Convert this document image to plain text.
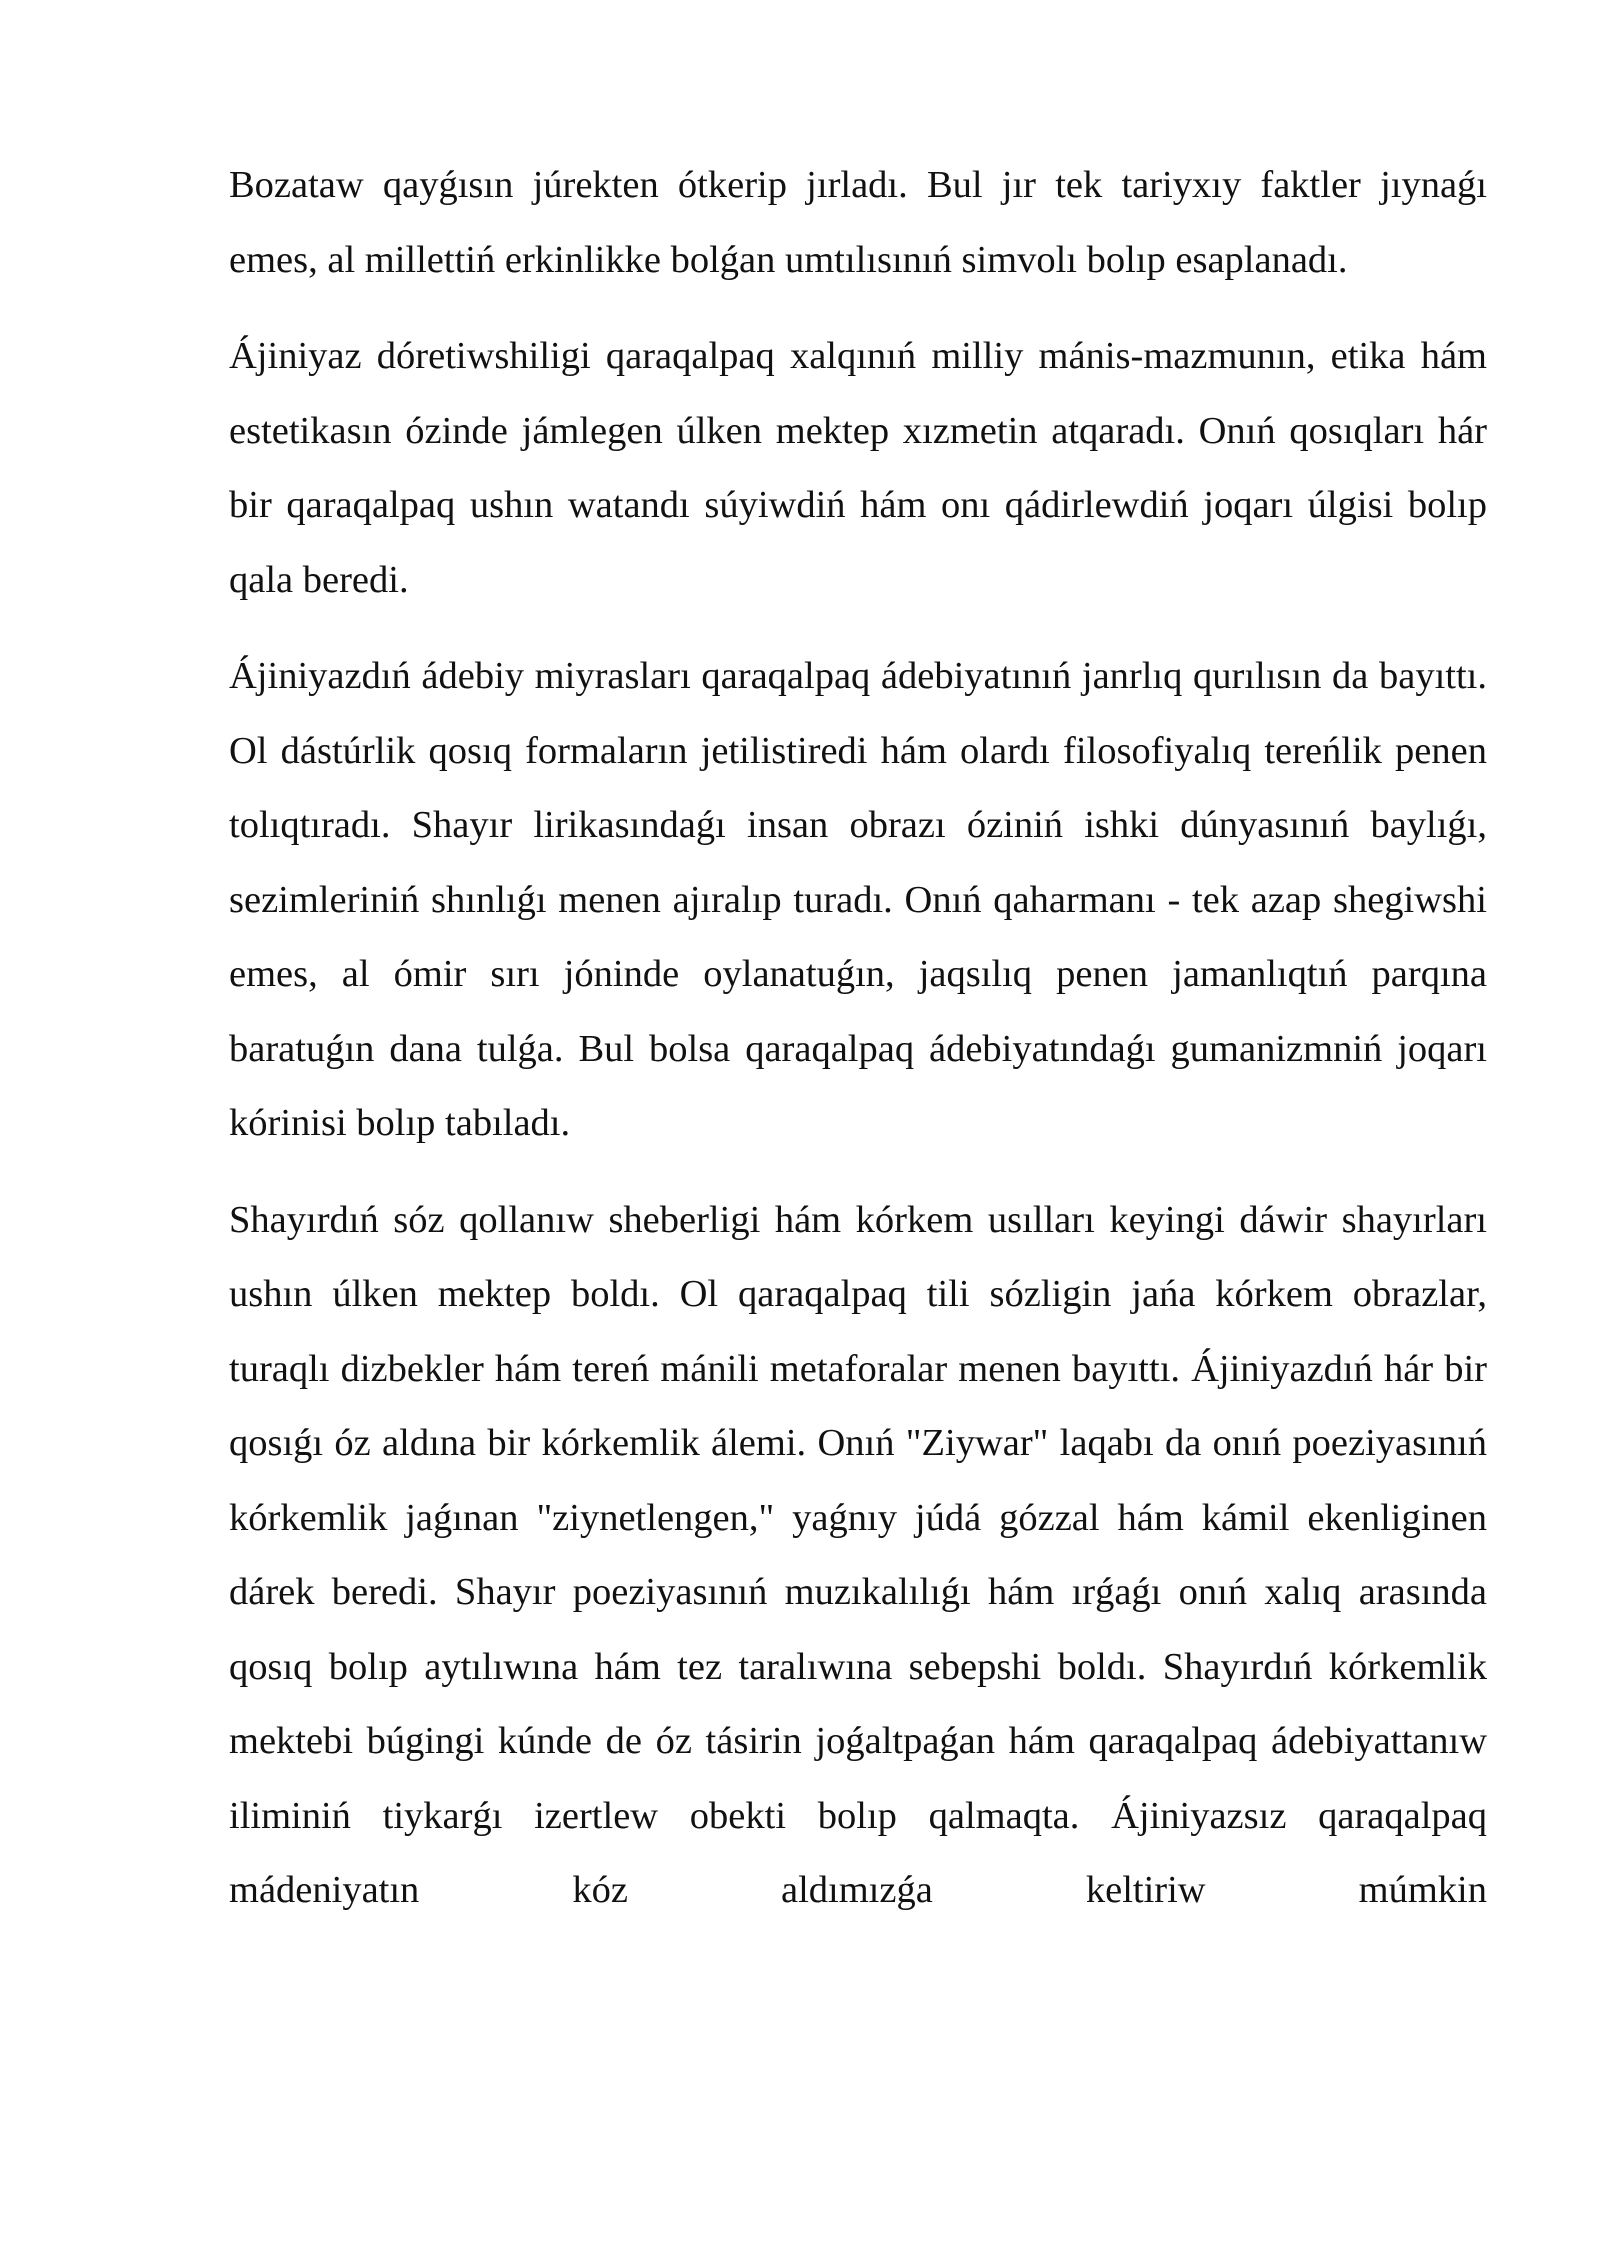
Bozataw qayǵısın júrekten ótkerip jırladı. Bul jır tek tariyxıy faktler jıynaǵı emes, al millettiń erkinlikke bolǵan umtılısınıń simvolı bolıp esaplanadı.

Ájiniyaz dóretiwshiligi qaraqalpaq xalqınıń milliy mánis-mazmunın, etika hám estetikasın ózinde jámlegen úlken mektep xızmetin atqaradı. Onıń qosıqları hár bir qaraqalpaq ushın watandı súyiwdiń hám onı qádirlewdiń joqarı úlgisi bolıp qala beredi.

Ájiniyazdıń ádebiy miyrasları qaraqalpaq ádebiyatınıń janrlıq qurılısın da bayıttı. Ol dástúrlik qosıq formaların jetilistiredi hám olardı filosofiyalıq tereńlik penen tolıqtıradı. Shayır lirikasındaǵı insan obrazı óziniń ishki dúnyasınıń baylıǵı, sezimleriniń shınlıǵı menen ajıralıp turadı. Onıń qaharmanı - tek azap shegiwshi emes, al ómir sırı jóninde oylanatuǵın, jaqsılıq penen jamanlıqtıń parqına baratuǵın dana tulǵa. Bul bolsa qaraqalpaq ádebiyatındaǵı gumanizmniń joqarı kórinisi bolıp tabıladı.

Shayırdıń sóz qollanıw sheberligi hám kórkem usılları keyingi dáwir shayırları ushın úlken mektep boldı. Ol qaraqalpaq tili sózligin jańa kórkem obrazlar, turaqlı dizbekler hám tereń mánili metaforalar menen bayıttı. Ájiniyazdıń hár bir qosıǵı óz aldına bir kórkemlik álemi. Onıń "Ziywar" laqabı da onıń poeziyasınıń kórkemlik jaǵınan "ziynetlengen," yaǵnıy júdá gózzal hám kámil ekenliginen dárek beredi. Shayır poeziyasınıń muzıkalılıǵı hám ırǵaǵı onıń xalıq arasında qosıq bolıp aytılıwına hám tez taralıwına sebepshi boldı. Shayırdıń kórkemlik mektebi búgingi kúnde de óz tásirin joǵaltpaǵan hám qaraqalpaq ádebiyattanıw iliminiń tiykarǵı izertlew obekti bolıp qalmaqta. Ájiniyazsız qaraqalpaq mádeniyatın kóz aldımızǵa keltiriw múmkin
